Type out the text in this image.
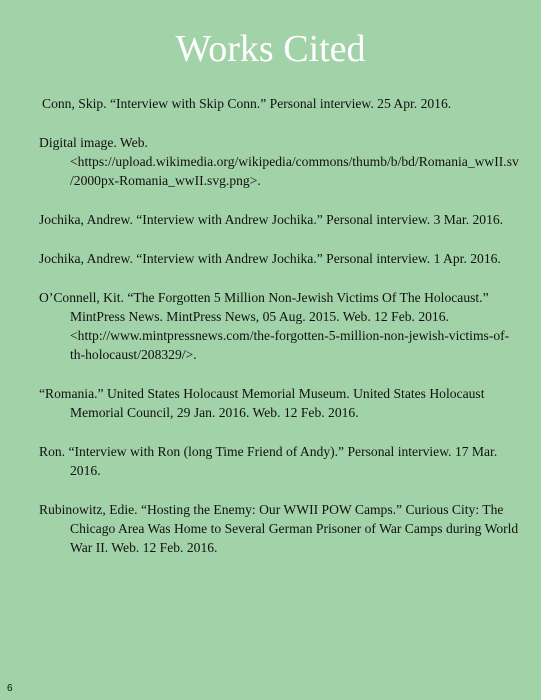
Works Cited
Conn, Skip. “Interview with Skip Conn.” Personal interview. 25 Apr. 2016.
Digital image. Web. <https://upload.wikimedia.org/wikipedia/commons/thumb/b/bd/Romania_wwII.sv/2000px-Romania_wwII.svg.png>.
Jochika, Andrew. “Interview with Andrew Jochika.” Personal interview. 3 Mar. 2016.
Jochika, Andrew. “Interview with Andrew Jochika.” Personal interview. 1 Apr. 2016.
O’Connell, Kit. “The Forgotten 5 Million Non-Jewish Victims Of The Holocaust.” MintPress News. MintPress News, 05 Aug. 2015. Web. 12 Feb. 2016. <http://www.mintpressnews.com/the-forgotten-5-million-non-jewish-victims-of-th-holocaust/208329/>.
“Romania.” United States Holocaust Memorial Museum. United States Holocaust Memorial Council, 29 Jan. 2016. Web. 12 Feb. 2016.
Ron. “Interview with Ron (long Time Friend of Andy).” Personal interview. 17 Mar. 2016.
Rubinowitz, Edie. “Hosting the Enemy: Our WWII POW Camps.” Curious City: The Chicago Area Was Home to Several German Prisoner of War Camps during World War II. Web. 12 Feb. 2016.
6
